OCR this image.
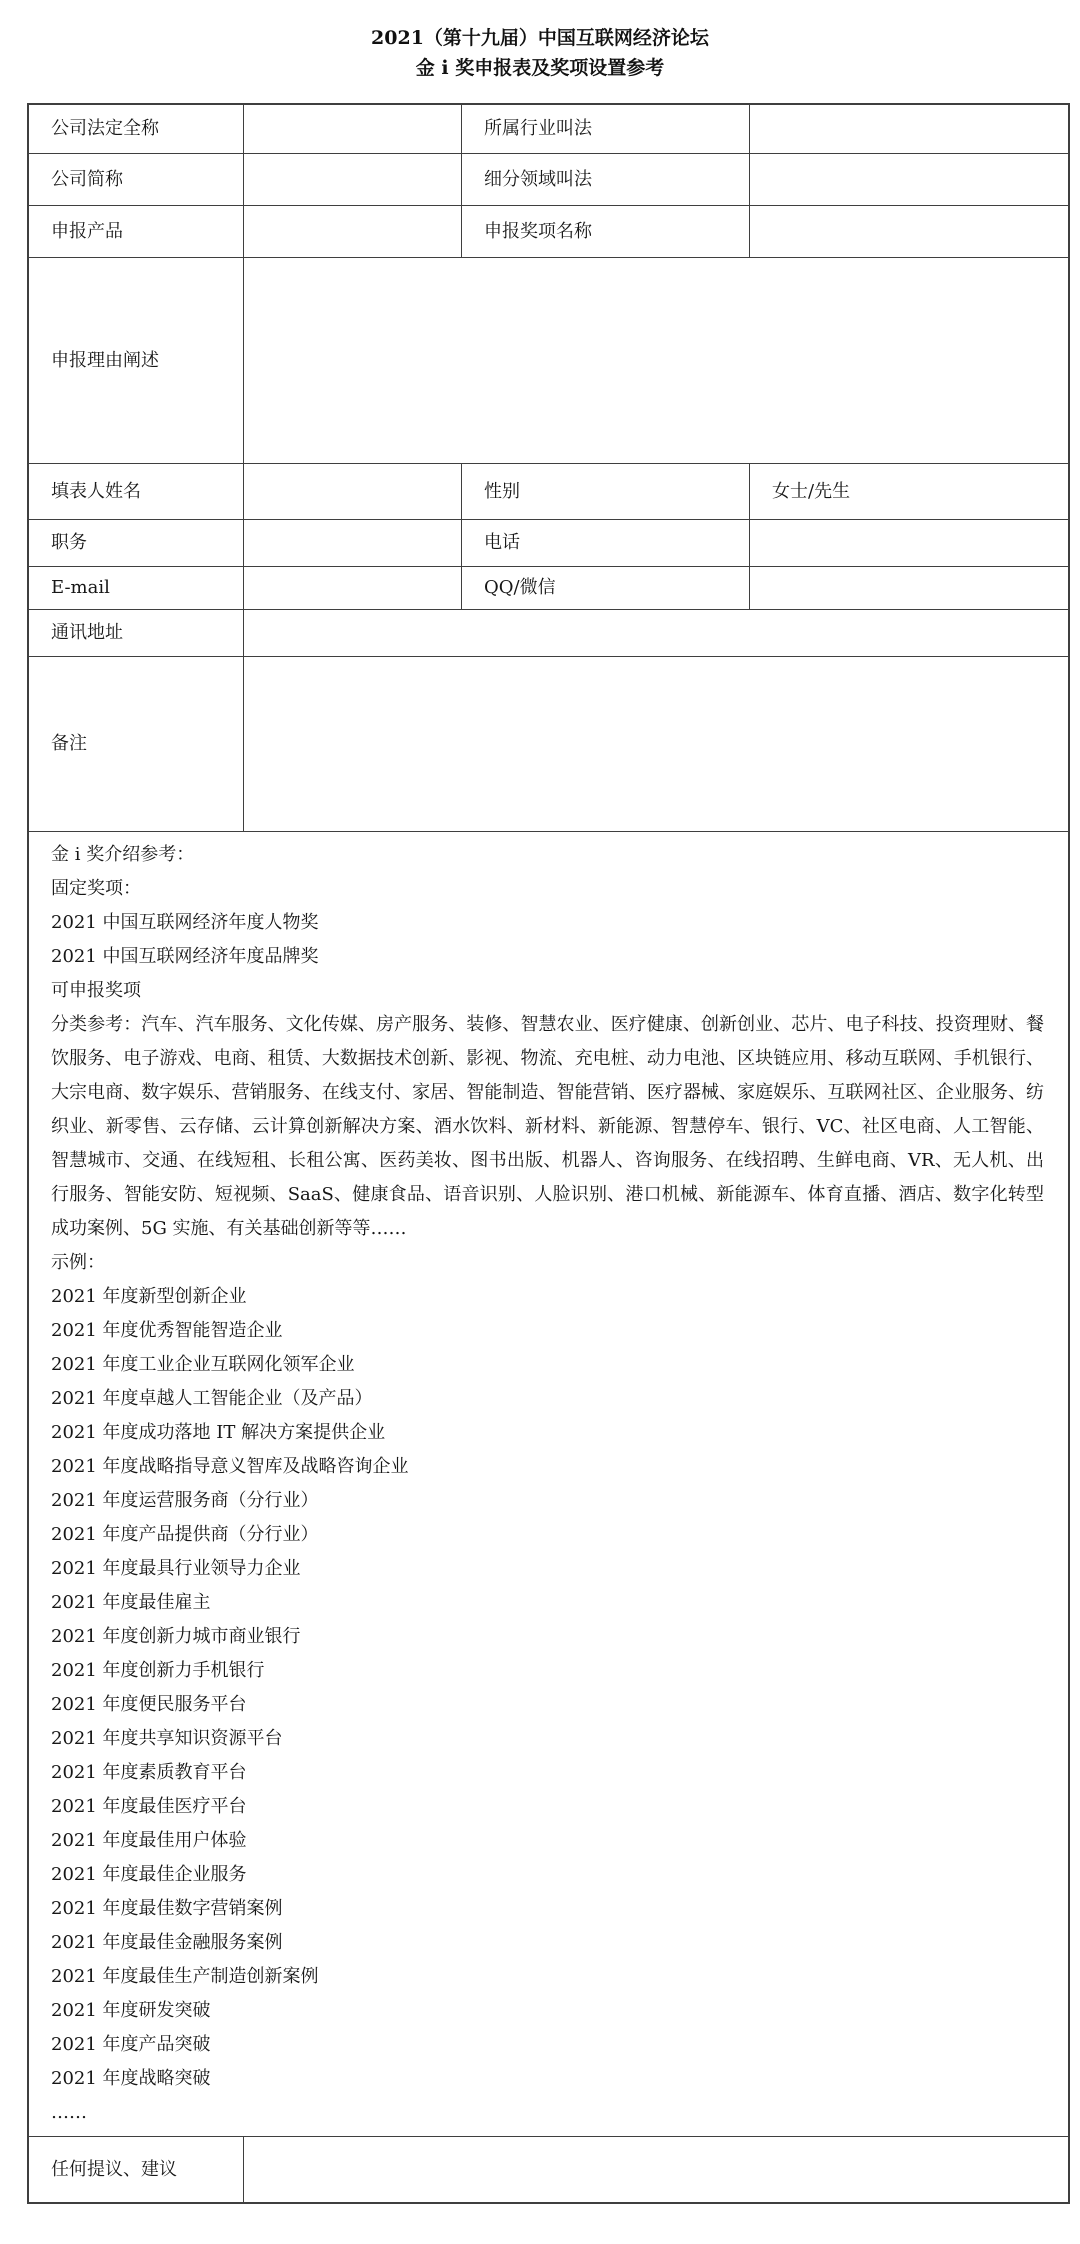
2021（第十九届）中国互联网经济论坛
金 i 奖申报表及奖项设置参考
公司法定全称	所属行业叫法
公司简称	细分领域叫法
申报产品	申报奖项名称
申报理由阐述
填表人姓名	性别	女士/先生
职务	电话
E-mail	QQ/微信
通讯地址
备注
金 i 奖介绍参考：
固定奖项：
2021 中国互联网经济年度人物奖
2021 中国互联网经济年度品牌奖
可申报奖项
分类参考：汽车、汽车服务、文化传媒、房产服务、装修、智慧农业、医疗健康、创新创业、芯片、电子科技、投资理财、餐饮服务、电子游戏、电商、租赁、大数据技术创新、影视、物流、充电桩、动力电池、区块链应用、移动互联网、手机银行、大宗电商、数字娱乐、营销服务、在线支付、家居、智能制造、智能营销、医疗器械、家庭娱乐、互联网社区、企业服务、纺织业、新零售、云存储、云计算创新解决方案、酒水饮料、新材料、新能源、智慧停车、银行、VC、社区电商、人工智能、智慧城市、交通、在线短租、长租公寓、医药美妆、图书出版、机器人、咨询服务、在线招聘、生鲜电商、VR、无人机、出行服务、智能安防、短视频、SaaS、健康食品、语音识别、人脸识别、港口机械、新能源车、体育直播、酒店、数字化转型成功案例、5G 实施、有关基础创新等等……
示例：
2021 年度新型创新企业
2021 年度优秀智能智造企业
2021 年度工业企业互联网化领军企业
2021 年度卓越人工智能企业（及产品）
2021 年度成功落地 IT 解决方案提供企业
2021 年度战略指导意义智库及战略咨询企业
2021 年度运营服务商（分行业）
2021 年度产品提供商（分行业）
2021 年度最具行业领导力企业
2021 年度最佳雇主
2021 年度创新力城市商业银行
2021 年度创新力手机银行
2021 年度便民服务平台
2021 年度共享知识资源平台
2021 年度素质教育平台
2021 年度最佳医疗平台
2021 年度最佳用户体验
2021 年度最佳企业服务
2021 年度最佳数字营销案例
2021 年度最佳金融服务案例
2021 年度最佳生产制造创新案例
2021 年度研发突破
2021 年度产品突破
2021 年度战略突破
……
任何提议、建议
